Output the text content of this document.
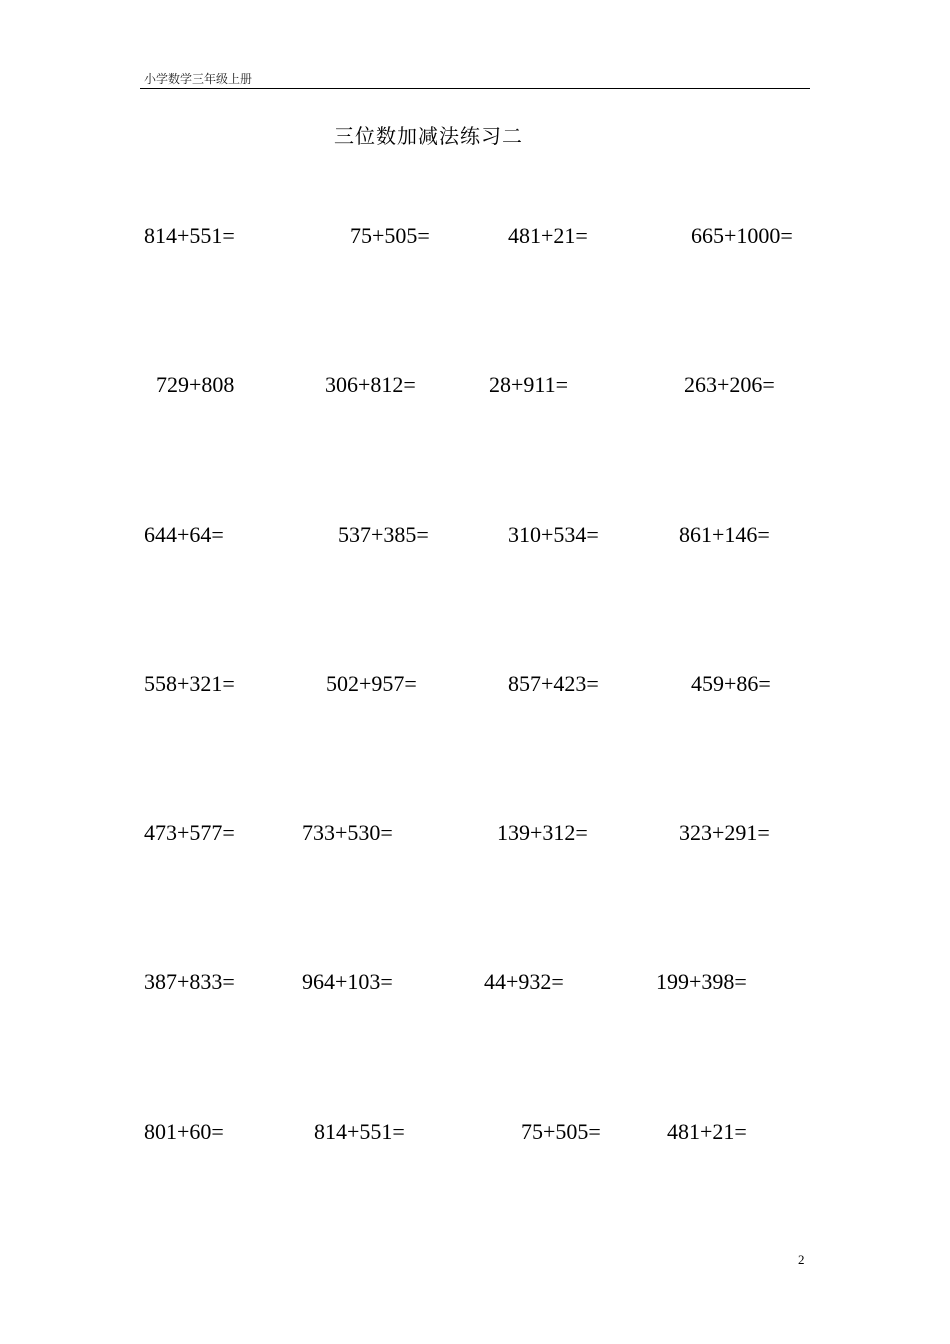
小学数学三年级上册
三位数加减法练习二
814+551=	75+505=	481+21=	665+1000=
729+808	306+812=	28+911=	263+206=
644+64=	537+385=	310+534=	861+146=
558+321=	502+957=	857+423=	459+86=
473+577=	733+530=	139+312=	323+291=
387+833=	964+103=	44+932=	199+398=
801+60=	814+551=	75+505=	481+21=
2
